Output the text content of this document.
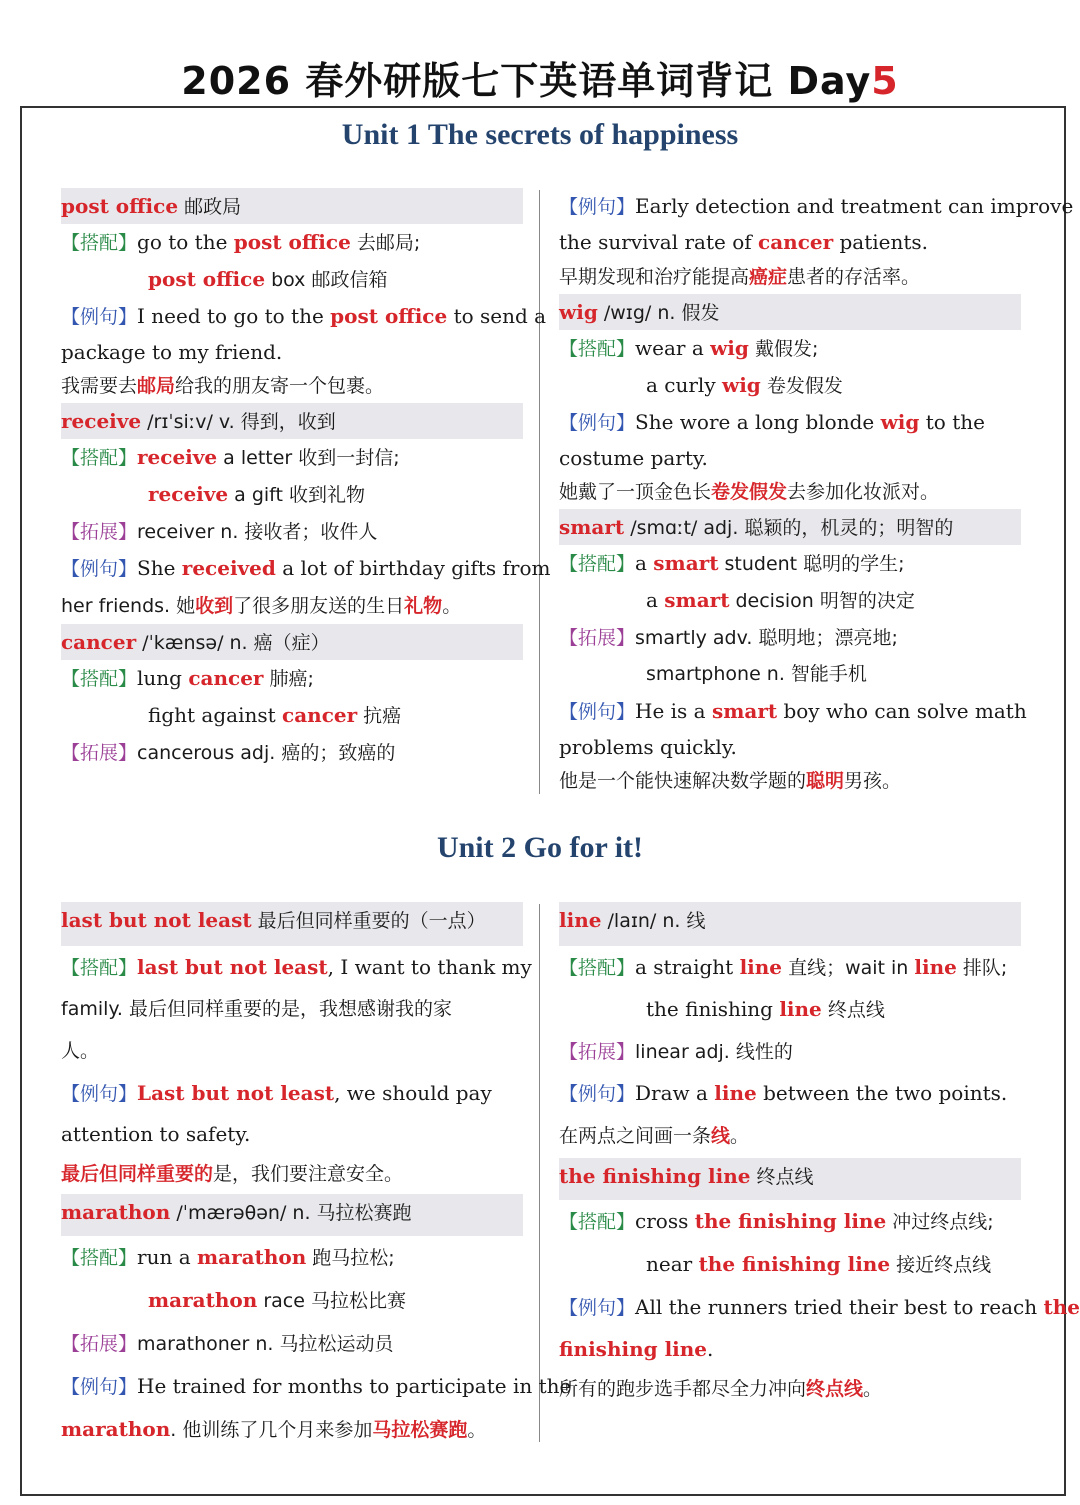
2026 春外研版七下英语单词背记 Day5
Unit 1 The secrets of happiness
post office 邮政局
【搭配】go to the post office 去邮局;
post office box 邮政信箱
【例句】I need to go to the post office to send a
package to my friend.
我需要去邮局给我的朋友寄一个包裹。
receive /rɪˈsiːv/ v. 得到，收到
【搭配】receive a letter 收到一封信;
receive a gift 收到礼物
【拓展】receiver n. 接收者；收件人
【例句】She received a lot of birthday gifts from
her friends. 她收到了很多朋友送的生日礼物。
cancer /ˈkænsə/ n. 癌（症）
【搭配】lung cancer 肺癌;
fight against cancer 抗癌
【拓展】cancerous adj. 癌的；致癌的
【例句】Early detection and treatment can improve
the survival rate of cancer patients.
早期发现和治疗能提高癌症患者的存活率。
wig /wɪg/ n. 假发
【搭配】wear a wig 戴假发;
a curly wig 卷发假发
【例句】She wore a long blonde wig to the
costume party.
她戴了一顶金色长卷发假发去参加化妆派对。
smart /smɑːt/ adj. 聪颖的，机灵的；明智的
【搭配】a smart student 聪明的学生;
a smart decision 明智的决定
【拓展】smartly adv. 聪明地；漂亮地;
smartphone n. 智能手机
【例句】He is a smart boy who can solve math
problems quickly.
他是一个能快速解决数学题的聪明男孩。
Unit 2 Go for it!
last but not least 最后但同样重要的（一点）
【搭配】last but not least, I want to thank my
family. 最后但同样重要的是，我想感谢我的家
人。
【例句】Last but not least, we should pay
attention to safety.
最后但同样重要的是，我们要注意安全。
marathon /ˈmærəθən/ n. 马拉松赛跑
【搭配】run a marathon 跑马拉松;
marathon race 马拉松比赛
【拓展】marathoner n. 马拉松运动员
【例句】He trained for months to participate in the
marathon. 他训练了几个月来参加马拉松赛跑。
line /laɪn/ n. 线
【搭配】a straight line 直线；wait in line 排队;
the finishing line 终点线
【拓展】linear adj. 线性的
【例句】Draw a line between the two points.
在两点之间画一条线。
the finishing line 终点线
【搭配】cross the finishing line 冲过终点线;
near the finishing line 接近终点线
【例句】All the runners tried their best to reach the
finishing line.
所有的跑步选手都尽全力冲向终点线。
